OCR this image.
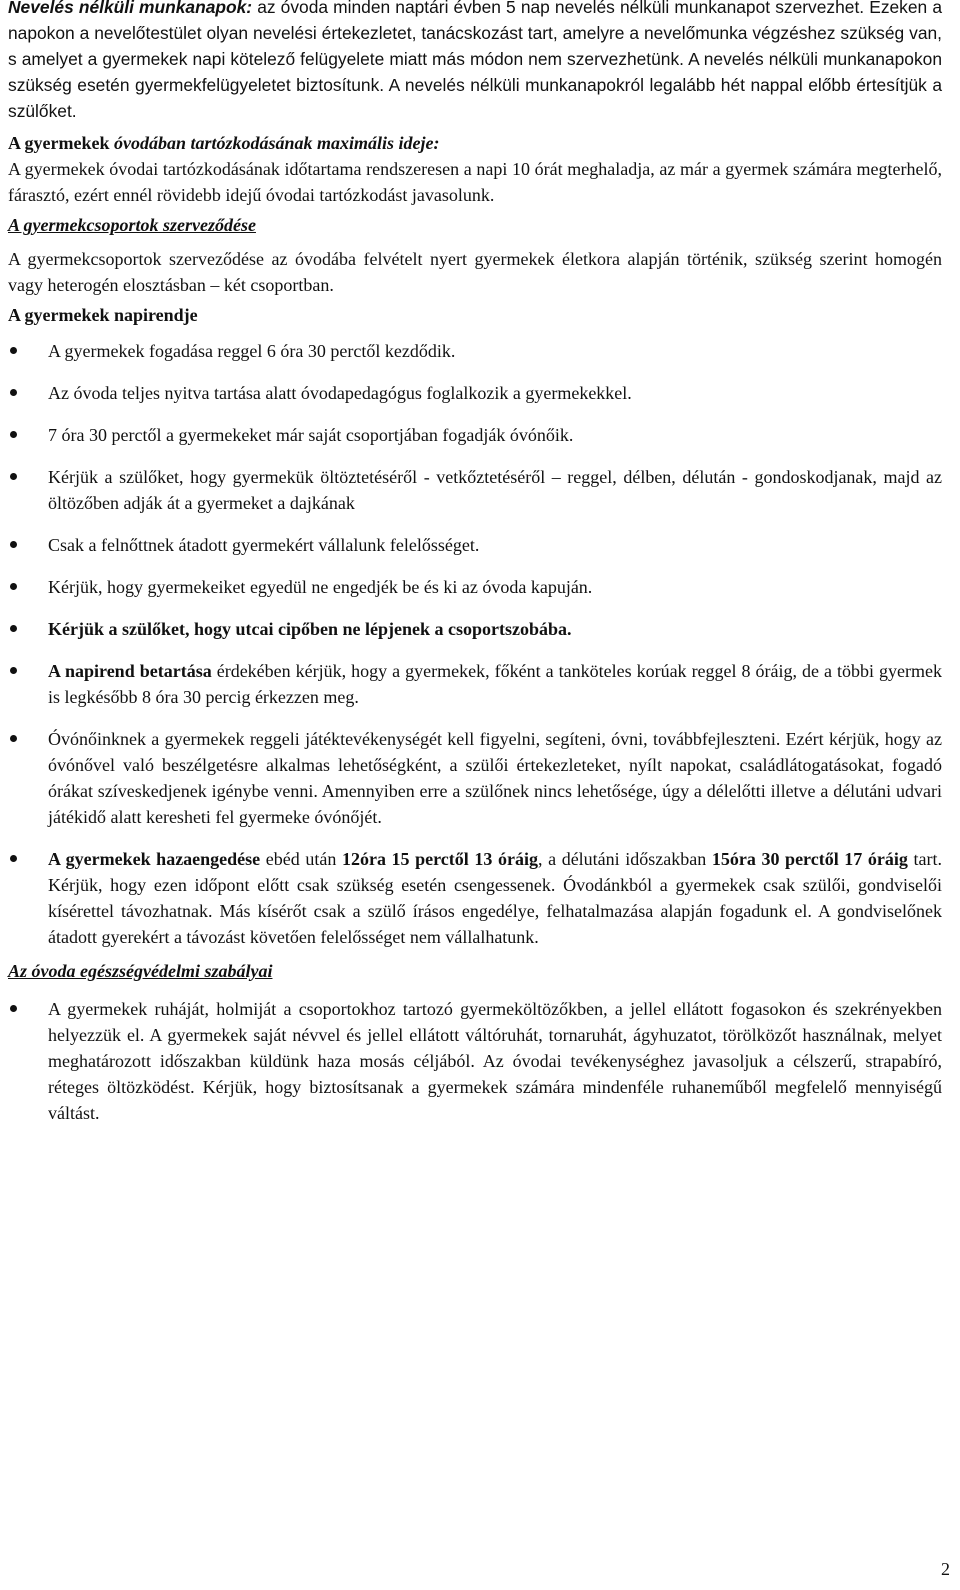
Nevelés nélküli munkanapok: az óvoda minden naptári évben 5 nap nevelés nélküli munkanapot szervezhet. Ezeken a napokon a nevelőtestület olyan nevelési értekezletet, tanácskozást tart, amelyre a nevelőmunka végzéshez szükség van, s amelyet a gyermekek napi kötelező felügyelete miatt más módon nem szervezhetünk. A nevelés nélküli munkanapokon szükség esetén gyermekfelügyeletet biztosítunk. A nevelés nélküli munkanapokról legalább hét nappal előbb értesítjük a szülőket.

A gyermekek óvodában tartózkodásának maximális ideje:

A gyermekek óvodai tartózkodásának időtartama rendszeresen a napi 10 órát meghaladja, az már a gyermek számára megterhelő, fárasztó, ezért ennél rövidebb idejű óvodai tartózkodást javasolunk.

A gyermekcsoportok szerveződése

A gyermekcsoportok szerveződése az óvodába felvételt nyert gyermekek életkora alapján történik, szükség szerint homogén vagy heterogén elosztásban – két csoportban.

A gyermekek napirendje

A gyermekek fogadása reggel 6 óra 30 perctől kezdődik.
Az óvoda teljes nyitva tartása alatt óvodapedagógus foglalkozik a gyermekekkel.
7 óra 30 perctől a gyermekeket már saját csoportjában fogadják óvónőik.
Kérjük a szülőket, hogy gyermekük öltöztetéséről - vetkőztetéséről – reggel, délben, délután - gondoskodjanak, majd az öltözőben adják át a gyermeket a dajkának
Csak a felnőttnek átadott gyermekért vállalunk felelősséget.
Kérjük, hogy gyermekeiket egyedül ne engedjék be és ki az óvoda kapuján.
Kérjük a szülőket, hogy utcai cipőben ne lépjenek a csoportszobába.
A napirend betartása érdekében kérjük, hogy a gyermekek, főként a tanköteles korúak reggel 8 óráig, de a többi gyermek is legkésőbb 8 óra 30 percig érkezzen meg.
Óvónőinknek a gyermekek reggeli játéktevékenységét kell figyelni, segíteni, óvni, továbbfejleszteni. Ezért kérjük, hogy az óvónővel való beszélgetésre alkalmas lehetőségként, a szülői értekezleteket, nyílt napokat, családlátogatásokat, fogadó órákat szíveskedjenek igénybe venni. Amennyiben erre a szülőnek nincs lehetősége, úgy a délelőtti illetve a délutáni udvari játékidő alatt keresheti fel gyermeke óvónőjét.
A gyermekek hazaengedése ebéd után 12óra 15 perctől 13 óráig, a délutáni időszakban 15óra 30 perctől 17 óráig tart. Kérjük, hogy ezen időpont előtt csak szükség esetén csengessenek. Óvodánkból a gyermekek csak szülői, gondviselői kísérettel távozhatnak. Más kísérőt csak a szülő írásos engedélye, felhatalmazása alapján fogadunk el. A gondviselőnek átadott gyerekért a távozást követően felelősséget nem vállalhatunk.

Az óvoda egészségvédelmi szabályai

A gyermekek ruháját, holmiját a csoportokhoz tartozó gyermeköltözőkben, a jellel ellátott fogasokon és szekrényekben helyezzük el. A gyermekek saját névvel és jellel ellátott váltóruhát, tornaruhát, ágyhuzatot, törölközőt használnak, melyet meghatározott időszakban küldünk haza mosás céljából. Az óvodai tevékenységhez javasoljuk a célszerű, strapabíró, réteges öltözködést. Kérjük, hogy biztosítsanak a gyermekek számára mindenféle ruhaneműből megfelelő mennyiségű váltást.
2
